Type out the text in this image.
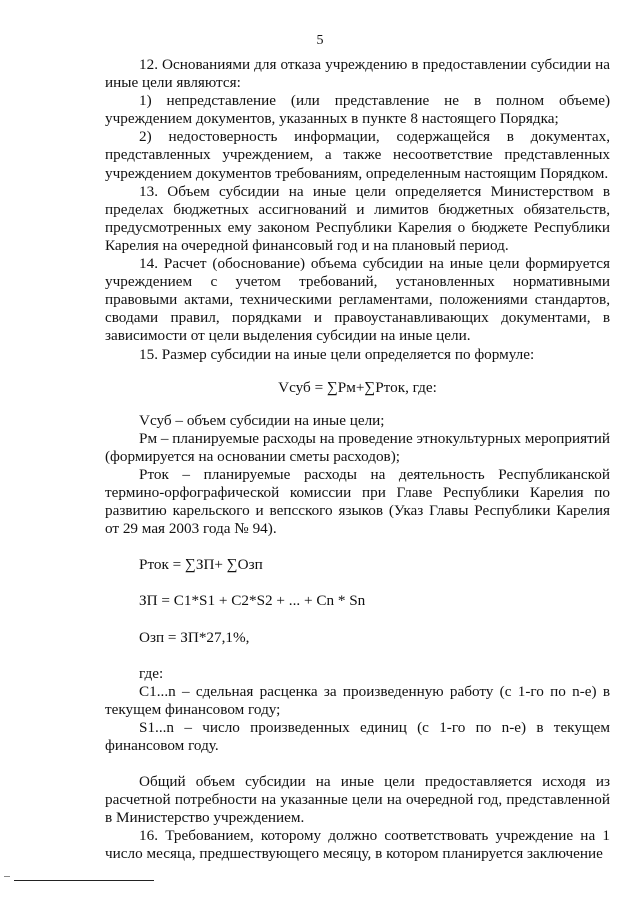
5

12. Основаниями для отказа учреждению в предоставлении субсидии на иные цели являются:

1) непредставление (или представление не в полном объеме) учреждением документов, указанных в пункте 8 настоящего Порядка;

2) недостоверность информации, содержащейся в документах, представленных учреждением, а также несоответствие представленных учреждением документов требованиям, определенным настоящим Порядком.

13. Объем субсидии на иные цели определяется Министерством в пределах бюджетных ассигнований и лимитов бюджетных обязательств, предусмотренных ему законом Республики Карелия о бюджете Республики Карелия на очередной финансовый год и на плановый период.

14. Расчет (обоснование) объема субсидии на иные цели формируется учреждением с учетом требований, установленных нормативными правовыми актами, техническими регламентами, положениями стандартов, сводами правил, порядками и правоустанавливающих документами, в зависимости от цели выделения субсидии на иные цели.

15. Размер субсидии на иные цели определяется по формуле:

Vсуб = ∑Рм+∑Рток, где:

Vсуб – объем субсидии на иные цели;

Рм – планируемые расходы на проведение этнокультурных мероприятий (формируется на основании сметы расходов);

Рток – планируемые расходы на деятельность Республиканской термино-орфографической комиссии при Главе Республики Карелия по развитию карельского и вепсского языков (Указ Главы Республики Карелия от 29 мая 2003 года № 94).

Рток = ∑ЗП+ ∑Озп

ЗП = C1*S1 + C2*S2 + ... + Cn * Sn

Озп = ЗП*27,1%,

где:

С1...n – сдельная расценка за произведенную работу (с 1-го по n-е) в текущем финансовом году;

S1...n – число произведенных единиц (с 1-го по n-е) в текущем финансовом году.

Общий объем субсидии на иные цели предоставляется исходя из расчетной потребности на указанные цели на очередной год, представленной в Министерство учреждением.

16. Требованием, которому должно соответствовать учреждение на 1 число месяца, предшествующего месяцу, в котором планируется заключение
